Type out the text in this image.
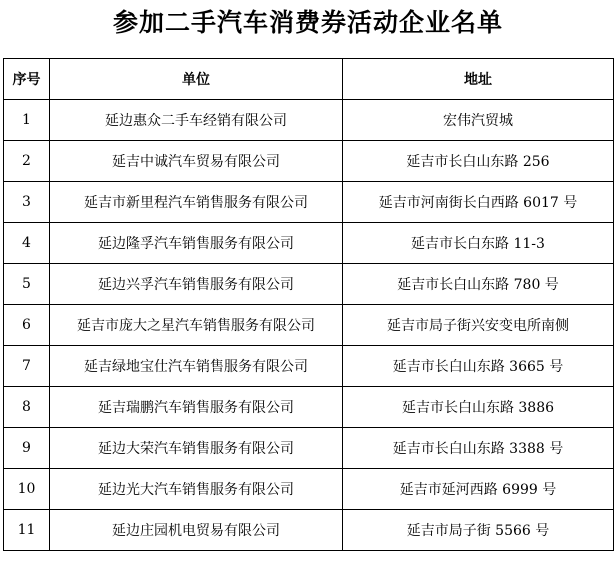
参加二手汽车消费券活动企业名单
序号	单位	地址
1	延边惠众二手车经销有限公司	宏伟汽贸城
2	延吉中诚汽车贸易有限公司	延吉市长白山东路 256
3	延吉市新里程汽车销售服务有限公司	延吉市河南街长白西路 6017 号
4	延边隆孚汽车销售服务有限公司	延吉市长白东路 11-3
5	延边兴孚汽车销售服务有限公司	延吉市长白山东路 780 号
6	延吉市庞大之星汽车销售服务有限公司	延吉市局子街兴安变电所南侧
7	延吉绿地宝仕汽车销售服务有限公司	延吉市长白山东路 3665 号
8	延吉瑞鹏汽车销售服务有限公司	延吉市长白山东路 3886
9	延边大荣汽车销售服务有限公司	延吉市长白山东路 3388 号
10	延边光大汽车销售服务有限公司	延吉市延河西路 6999 号
11	延边庄园机电贸易有限公司	延吉市局子街 5566 号
